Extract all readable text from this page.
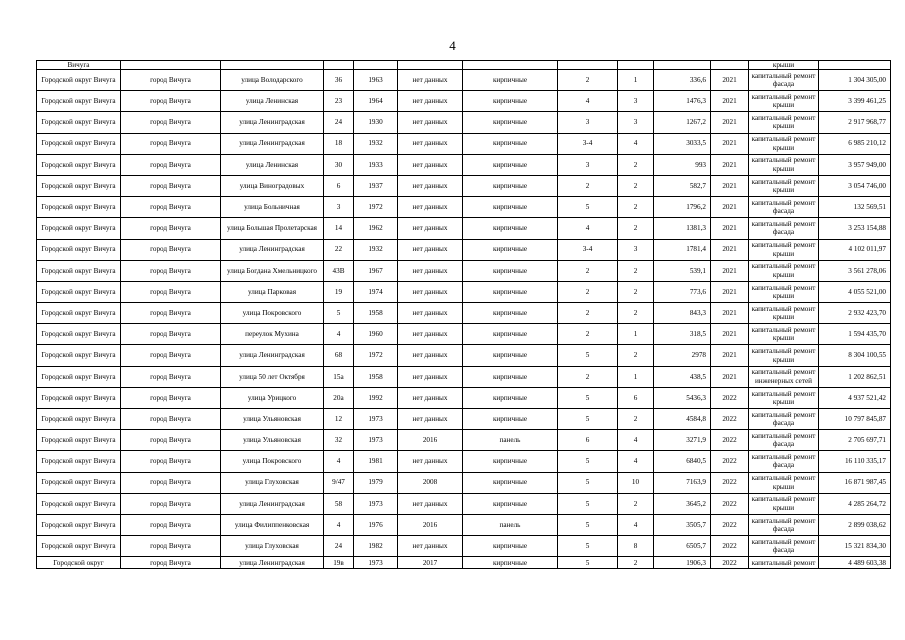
4
Вичуга											крыши	
Городской округ Вичуга	город Вичуга	улица Володарского	36	1963	нет данных	кирпичные	2	1	336,6	2021	капитальный ремонт фасада	1 304 305,00
Городской округ Вичуга	город Вичуга	улица Ленинская	23	1964	нет данных	кирпичные	4	3	1476,3	2021	капитальный ремонт крыши	3 399 461,25
Городской округ Вичуга	город Вичуга	улица Ленинградская	24	1930	нет данных	кирпичные	3	3	1267,2	2021	капитальный ремонт крыши	2 917 968,77
Городской округ Вичуга	город Вичуга	улица Ленинградская	18	1932	нет данных	кирпичные	3-4	4	3033,5	2021	капитальный ремонт крыши	6 985 210,12
Городской округ Вичуга	город Вичуга	улица Ленинская	30	1933	нет данных	кирпичные	3	2	993	2021	капитальный ремонт крыши	3 957 949,00
Городской округ Вичуга	город Вичуга	улица Виноградовых	6	1937	нет данных	кирпичные	2	2	582,7	2021	капитальный ремонт крыши	3 054 746,00
Городской округ Вичуга	город Вичуга	улица Больничная	3	1972	нет данных	кирпичные	5	2	1796,2	2021	капитальный ремонт фасада	132 569,51
Городской округ Вичуга	город Вичуга	улица Большая Пролетарская	14	1962	нет данных	кирпичные	4	2	1381,3	2021	капитальный ремонт фасада	3 253 154,88
Городской округ Вичуга	город Вичуга	улица Ленинградская	22	1932	нет данных	кирпичные	3-4	3	1781,4	2021	капитальный ремонт крыши	4 102 011,97
Городской округ Вичуга	город Вичуга	улица Богдана Хмельницкого	43В	1967	нет данных	кирпичные	2	2	539,1	2021	капитальный ремонт крыши	3 561 278,06
Городской округ Вичуга	город Вичуга	улица Парковая	19	1974	нет данных	кирпичные	2	2	773,6	2021	капитальный ремонт крыши	4 055 521,00
Городской округ Вичуга	город Вичуга	улица Покровского	5	1958	нет данных	кирпичные	2	2	843,3	2021	капитальный ремонт крыши	2 932 423,70
Городской округ Вичуга	город Вичуга	переулок Мухина	4	1960	нет данных	кирпичные	2	1	318,5	2021	капитальный ремонт крыши	1 594 435,70
Городской округ Вичуга	город Вичуга	улица Ленинградская	68	1972	нет данных	кирпичные	5	2	2978	2021	капитальный ремонт крыши	8 304 100,55
Городской округ Вичуга	город Вичуга	улица 50 лет Октября	15а	1958	нет данных	кирпичные	2	1	438,5	2021	капитальный ремонт инженерных сетей	1 202 862,51
Городской округ Вичуга	город Вичуга	улица Урицкого	20а	1992	нет данных	кирпичные	5	6	5436,3	2022	капитальный ремонт крыши	4 937 521,42
Городской округ Вичуга	город Вичуга	улица Ульяновская	12	1973	нет данных	кирпичные	5	2	4584,8	2022	капитальный ремонт фасада	10 797 845,87
Городской округ Вичуга	город Вичуга	улица Ульяновская	32	1973	2016	панель	6	4	3271,9	2022	капитальный ремонт фасада	2 705 697,71
Городской округ Вичуга	город Вичуга	улица Покровского	4	1981	нет данных	кирпичные	5	4	6840,5	2022	капитальный ремонт фасада	16 110 335,17
Городской округ Вичуга	город Вичуга	улица Глуховская	9/47	1979	2008	кирпичные	5	10	7163,9	2022	капитальный ремонт крыши	16 871 987,45
Городской округ Вичуга	город Вичуга	улица Ленинградская	58	1973	нет данных	кирпичные	5	2	3645,2	2022	капитальный ремонт крыши	4 285 264,72
Городской округ Вичуга	город Вичуга	улица Филиппенковская	4	1976	2016	панель	5	4	3505,7	2022	капитальный ремонт фасада	2 899 038,62
Городской округ Вичуга	город Вичуга	улица Глуховская	24	1982	нет данных	кирпичные	5	8	6505,7	2022	капитальный ремонт фасада	15 321 834,30
Городской округ	город Вичуга	улица Ленинградская	19в	1973	2017	кирпичные	5	2	1906,3	2022	капитальный ремонт	4 489 603,38
